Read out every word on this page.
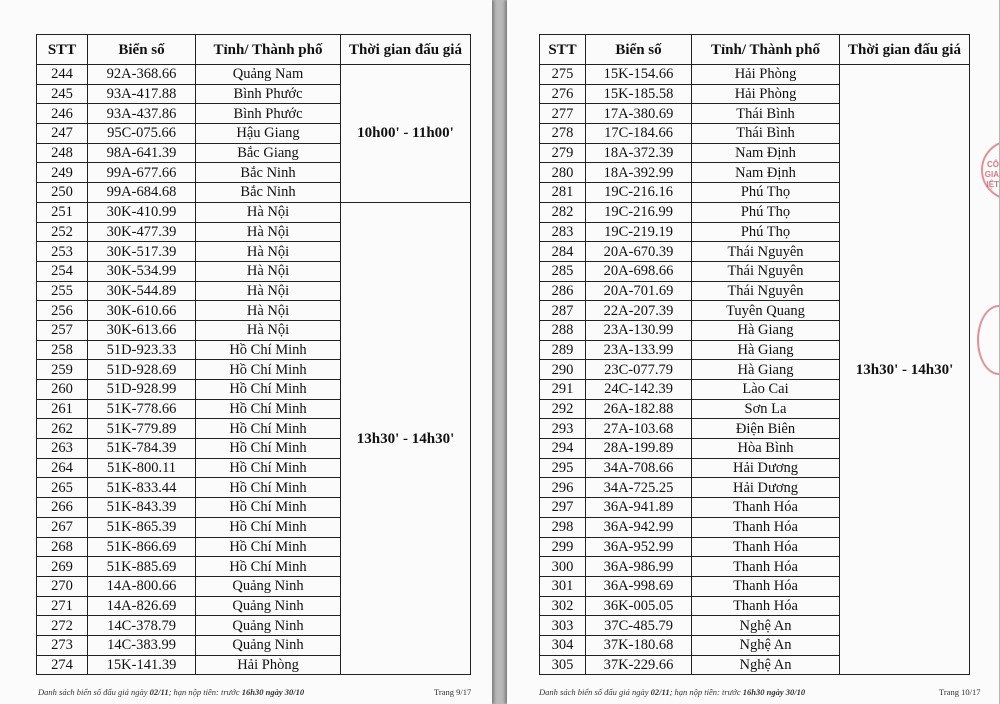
STT	Biển số	Tỉnh/ Thành phố	Thời gian đấu giá
244	92A-368.66	Quảng Nam	10h00' - 11h00'
245	93A-417.88	Bình Phước	
246	93A-437.86	Bình Phước	
247	95C-075.66	Hậu Giang	
248	98A-641.39	Bắc Giang	
249	99A-677.66	Bắc Ninh	
250	99A-684.68	Bắc Ninh	
251	30K-410.99	Hà Nội	13h30' - 14h30'
252	30K-477.39	Hà Nội	
253	30K-517.39	Hà Nội	
254	30K-534.99	Hà Nội	
255	30K-544.89	Hà Nội	
256	30K-610.66	Hà Nội	
257	30K-613.66	Hà Nội	
258	51D-923.33	Hồ Chí Minh	
259	51D-928.69	Hồ Chí Minh	
260	51D-928.99	Hồ Chí Minh	
261	51K-778.66	Hồ Chí Minh	
262	51K-779.89	Hồ Chí Minh	
263	51K-784.39	Hồ Chí Minh	
264	51K-800.11	Hồ Chí Minh	
265	51K-833.44	Hồ Chí Minh	
266	51K-843.39	Hồ Chí Minh	
267	51K-865.39	Hồ Chí Minh	
268	51K-866.69	Hồ Chí Minh	
269	51K-885.69	Hồ Chí Minh	
270	14A-800.66	Quảng Ninh	
271	14A-826.69	Quảng Ninh	
272	14C-378.79	Quảng Ninh	
273	14C-383.99	Quảng Ninh	
274	15K-141.39	Hải Phòng	
Danh sách biển số đấu giá ngày 02/11; hạn nộp tiền: trước 16h30 ngày 30/10	Trang 9/17
STT	Biển số	Tỉnh/ Thành phố	Thời gian đấu giá
275	15K-154.66	Hải Phòng	13h30' - 14h30'
276	15K-185.58	Hải Phòng	
277	17A-380.69	Thái Bình	
278	17C-184.66	Thái Bình	
279	18A-372.39	Nam Định	
280	18A-392.99	Nam Định	
281	19C-216.16	Phú Thọ	
282	19C-216.99	Phú Thọ	
283	19C-219.19	Phú Thọ	
284	20A-670.39	Thái Nguyên	
285	20A-698.66	Thái Nguyên	
286	20A-701.69	Thái Nguyên	
287	22A-207.39	Tuyên Quang	
288	23A-130.99	Hà Giang	
289	23A-133.99	Hà Giang	
290	23C-077.79	Hà Giang	
291	24C-142.39	Lào Cai	
292	26A-182.88	Sơn La	
293	27A-103.68	Điện Biên	
294	28A-199.89	Hòa Bình	
295	34A-708.66	Hải Dương	
296	34A-725.25	Hải Dương	
297	36A-941.89	Thanh Hóa	
298	36A-942.99	Thanh Hóa	
299	36A-952.99	Thanh Hóa	
300	36A-986.99	Thanh Hóa	
301	36A-998.69	Thanh Hóa	
302	36K-005.05	Thanh Hóa	
303	37C-485.79	Nghệ An	
304	37K-180.68	Nghệ An	
305	37K-229.66	Nghệ An	
CÔ
GIA
IỆT
Danh sách biển số đấu giá ngày 02/11; hạn nộp tiền: trước 16h30 ngày 30/10	Trang 10/17
